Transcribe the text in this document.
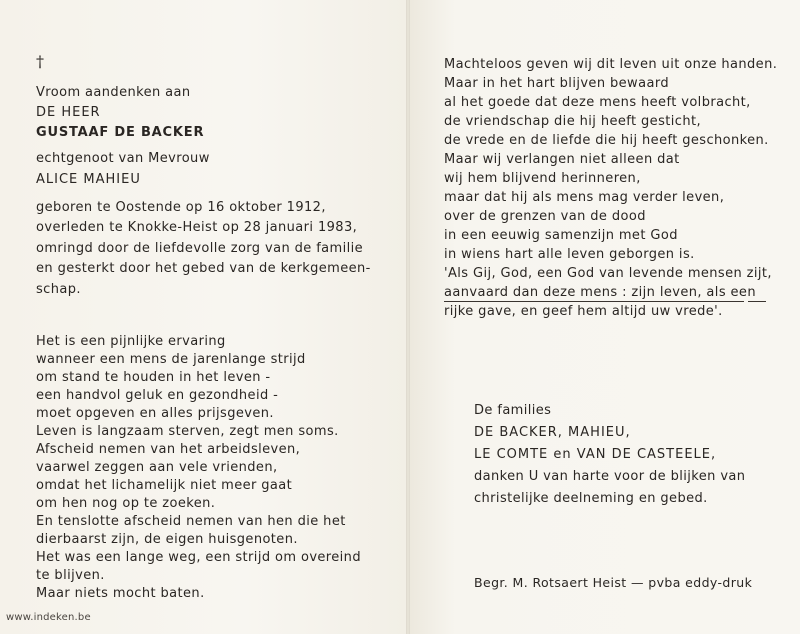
†
Vroom aandenken aan
DE HEER
GUSTAAF DE BACKER
echtgenoot van Mevrouw
ALICE MAHIEU
geboren te Oostende op 16 oktober 1912,
overleden te Knokke-Heist op 28 januari 1983,
omringd door de liefdevolle zorg van de familie
en gesterkt door het gebed van de kerkgemeen-
schap.
Het is een pijnlijke ervaring
wanneer een mens de jarenlange strijd
om stand te houden in het leven -
een handvol geluk en gezondheid -
moet opgeven en alles prijsgeven.
Leven is langzaam sterven, zegt men soms.
Afscheid nemen van het arbeidsleven,
vaarwel zeggen aan vele vrienden,
omdat het lichamelijk niet meer gaat
om hen nog op te zoeken.
En tenslotte afscheid nemen van hen die het
dierbaarst zijn, de eigen huisgenoten.
Het was een lange weg, een strijd om overeind
te blijven.
Maar niets mocht baten.
Machteloos geven wij dit leven uit onze handen.
Maar in het hart blijven bewaard
al het goede dat deze mens heeft volbracht,
de vriendschap die hij heeft gesticht,
de vrede en de liefde die hij heeft geschonken.
Maar wij verlangen niet alleen dat
wij hem blijvend herinneren,
maar dat hij als mens mag verder leven,
over de grenzen van de dood
in een eeuwig samenzijn met God
in wiens hart alle leven geborgen is.
'Als Gij, God, een God van levende mensen zijt,
aanvaard dan deze mens : zijn leven, als een
rijke gave, en geef hem altijd uw vrede'.
De families
DE BACKER, MAHIEU,
LE COMTE en VAN DE CASTEELE,
danken U van harte voor de blijken van
christelijke deelneming en gebed.
Begr. M. Rotsaert Heist — pvba eddy-druk
www.indeken.be
